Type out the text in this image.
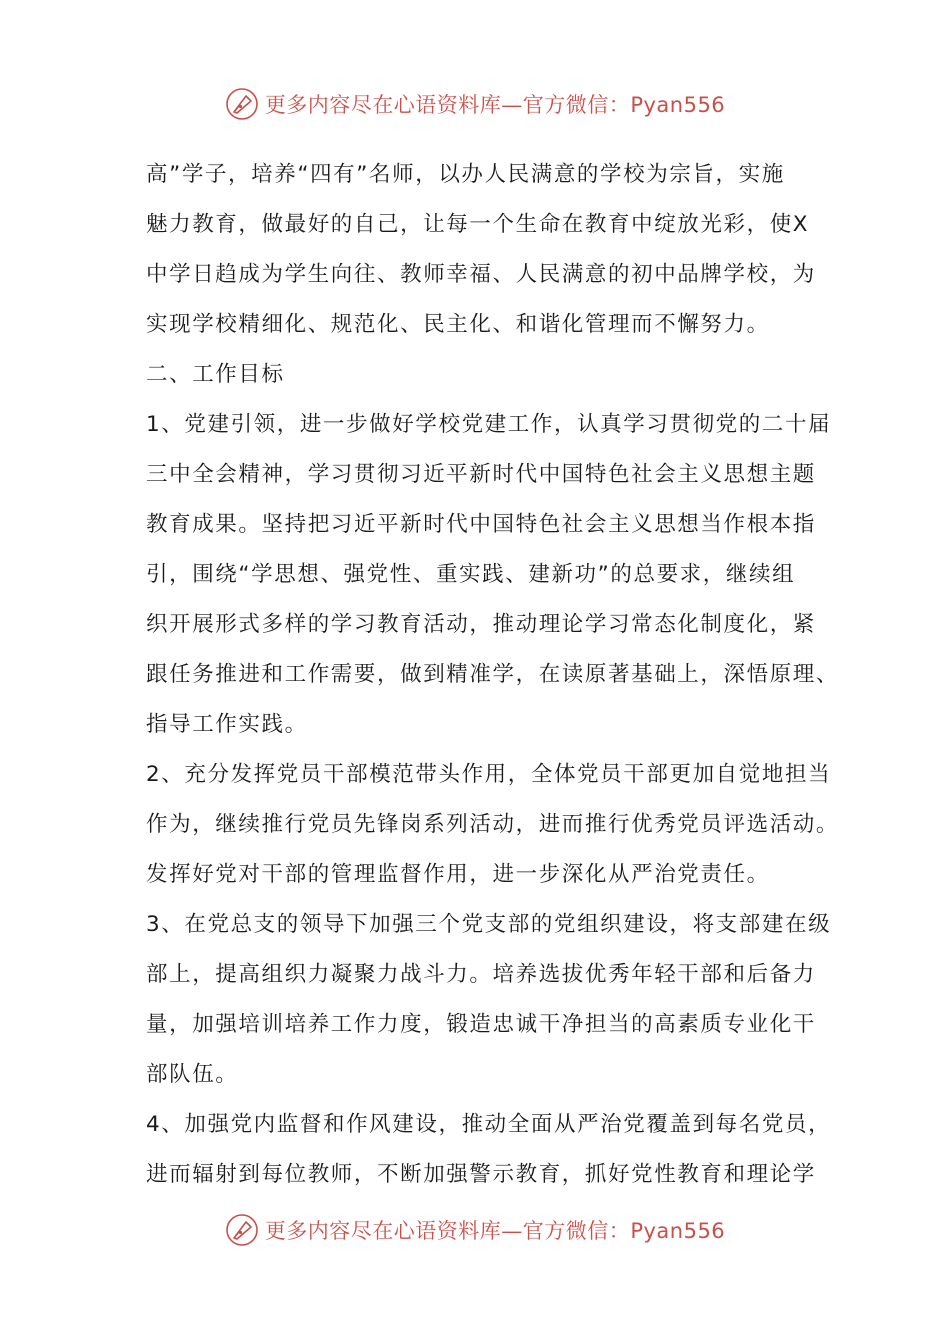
更多内容尽在心语资料库—官方微信：Pyan556
高”学子，培养“四有”名师，以办人民满意的学校为宗旨，实施
魅力教育，做最好的自己，让每一个生命在教育中绽放光彩，使X
中学日趋成为学生向往、教师幸福、人民满意的初中品牌学校，为
实现学校精细化、规范化、民主化、和谐化管理而不懈努力。
二、工作目标
1、党建引领，进一步做好学校党建工作，认真学习贯彻党的二十届
三中全会精神，学习贯彻习近平新时代中国特色社会主义思想主题
教育成果。坚持把习近平新时代中国特色社会主义思想当作根本指
引，围绕“学思想、强党性、重实践、建新功”的总要求，继续组
织开展形式多样的学习教育活动，推动理论学习常态化制度化，紧
跟任务推进和工作需要，做到精准学，在读原著基础上，深悟原理、
指导工作实践。
2、充分发挥党员干部模范带头作用，全体党员干部更加自觉地担当
作为，继续推行党员先锋岗系列活动，进而推行优秀党员评选活动。
发挥好党对干部的管理监督作用，进一步深化从严治党责任。
3、在党总支的领导下加强三个党支部的党组织建设，将支部建在级
部上，提高组织力凝聚力战斗力。培养选拔优秀年轻干部和后备力
量，加强培训培养工作力度，锻造忠诚干净担当的高素质专业化干
部队伍。
4、加强党内监督和作风建设，推动全面从严治党覆盖到每名党员，
进而辐射到每位教师，不断加强警示教育，抓好党性教育和理论学
更多内容尽在心语资料库—官方微信：Pyan556
